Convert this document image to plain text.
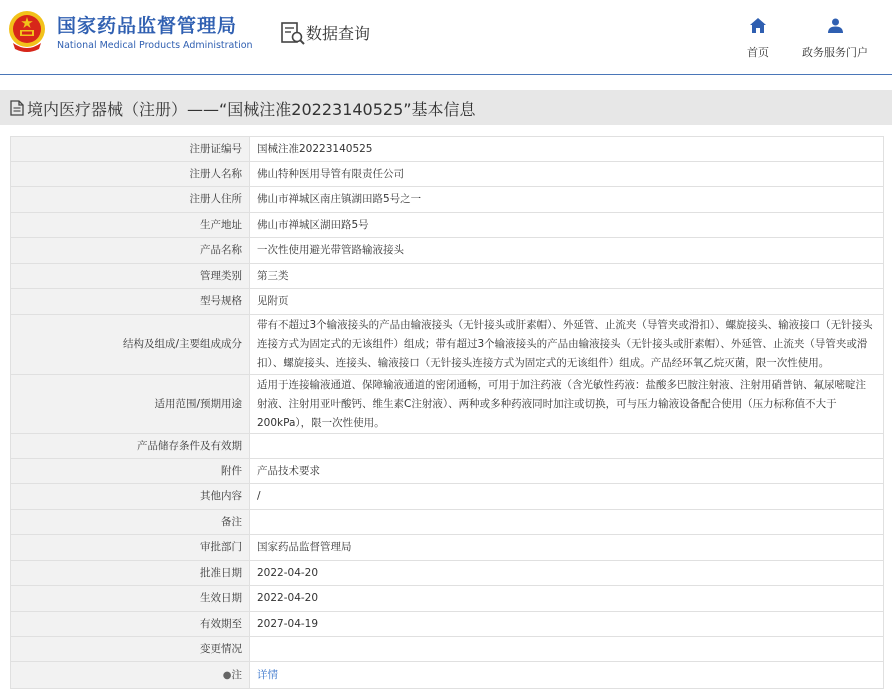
国家药品监督管理局
National Medical Products Administration
数据查询
首页	政务服务门户
境内医疗器械（注册）——“国械注准20223140525”基本信息
注册证编号	国械注准20223140525
注册人名称	佛山特种医用导管有限责任公司
注册人住所	佛山市禅城区南庄镇湖田路5号之一
生产地址	佛山市禅城区湖田路5号
产品名称	一次性使用避光带管路输液接头
管理类别	第三类
型号规格	见附页
结构及组成/主要组成成分	带有不超过3个输液接头的产品由输液接头（无针接头或肝素帽）、外延管、止流夹（导管夹或滑扣）、螺旋接头、输液接口（无针接头连接方式为固定式的无该组件）组成；带有超过3个输液接头的产品由输液接头（无针接头或肝素帽）、外延管、止流夹（导管夹或滑扣）、螺旋接头、连接头、输液接口（无针接头连接方式为固定式的无该组件）组成。产品经环氧乙烷灭菌，限一次性使用。
适用范围/预期用途	适用于连接输液通道、保障输液通道的密闭通畅，可用于加注药液（含光敏性药液：盐酸多巴胺注射液、注射用硝普钠、氟尿嘧啶注射液、注射用亚叶酸钙、维生素C注射液）、两种或多种药液同时加注或切换，可与压力输液设备配合使用（压力标称值不大于200kPa），限一次性使用。
产品储存条件及有效期	
附件	产品技术要求
其他内容	/
备注	
审批部门	国家药品监督管理局
批准日期	2022-04-20
生效日期	2022-04-20
有效期至	2027-04-19
变更情况	
●注	详情
